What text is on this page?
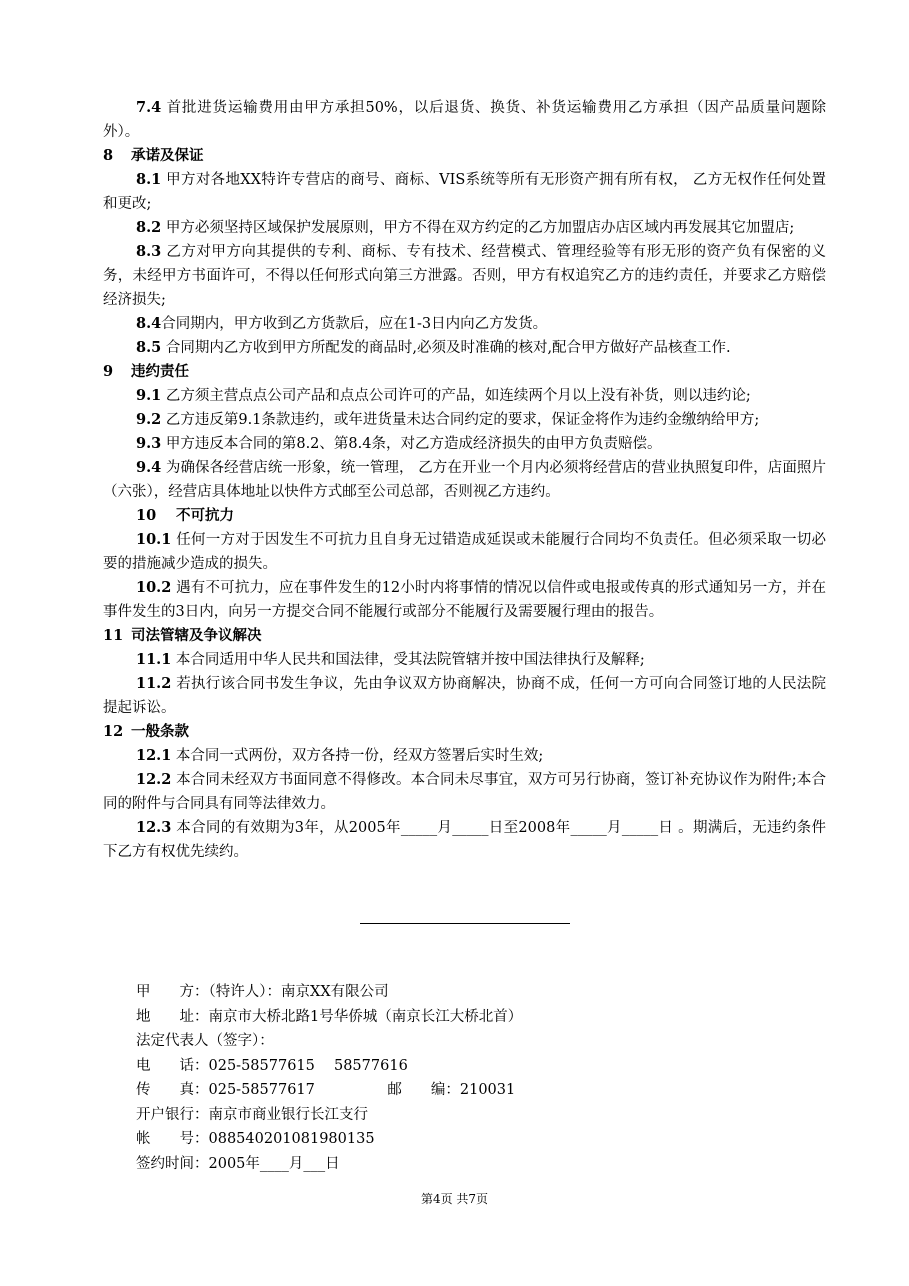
7.4 首批进货运输费用由甲方承担50%，以后退货、换货、补货运输费用乙方承担（因产品质量问题除外）。

8 承诺及保证

8.1 甲方对各地XX特许专营店的商号、商标、VIS系统等所有无形资产拥有所有权， 乙方无权作任何处置和更改;

8.2 甲方必须坚持区域保护发展原则，甲方不得在双方约定的乙方加盟店办店区域内再发展其它加盟店;

8.3 乙方对甲方向其提供的专利、商标、专有技术、经营模式、管理经验等有形无形的资产负有保密的义务，未经甲方书面许可，不得以任何形式向第三方泄露。否则，甲方有权追究乙方的违约责任，并要求乙方赔偿经济损失;

8.4合同期内，甲方收到乙方货款后，应在1-3日内向乙方发货。

8.5 合同期内乙方收到甲方所配发的商品时,必须及时准确的核对,配合甲方做好产品核查工作.

9 违约责任

9.1 乙方须主营点点公司产品和点点公司许可的产品，如连续两个月以上没有补货，则以违约论;

9.2 乙方违反第9.1条款违约，或年进货量未达合同约定的要求，保证金将作为违约金缴纳给甲方;

9.3 甲方违反本合同的第8.2、第8.4条，对乙方造成经济损失的由甲方负责赔偿。

9.4 为确保各经营店统一形象，统一管理， 乙方在开业一个月内必须将经营店的营业执照复印件，店面照片（六张），经营店具体地址以快件方式邮至公司总部，否则视乙方违约。

10 不可抗力

10.1 任何一方对于因发生不可抗力且自身无过错造成延误或未能履行合同均不负责任。但必须采取一切必要的措施减少造成的损失。

10.2 遇有不可抗力，应在事件发生的12小时内将事情的情况以信件或电报或传真的形式通知另一方，并在事件发生的3日内，向另一方提交合同不能履行或部分不能履行及需要履行理由的报告。

11 司法管辖及争议解决

11.1 本合同适用中华人民共和国法律，受其法院管辖并按中国法律执行及解释;

11.2 若执行该合同书发生争议，先由争议双方协商解决，协商不成，任何一方可向合同签订地的人民法院提起诉讼。

12 一般条款

12.1 本合同一式两份，双方各持一份，经双方签署后实时生效;

12.2 本合同未经双方书面同意不得修改。本合同未尽事宜，双方可另行协商，签订补充协议作为附件;本合同的附件与合同具有同等法律效力。

12.3 本合同的有效期为3年，从2005年_____月_____日至2008年_____月_____日 。期满后，无违约条件下乙方有权优先续约。

甲　　方：（特许人）：南京XX有限公司
地　　址：南京市大桥北路1号华侨城（南京长江大桥北首）
法定代表人（签字）：
电　　话：025-58577615　 58577616
传　　真：025-58577617　　　　　邮　　编：210031
开户银行：南京市商业银行长江支行
帐　　号：088540201081980135
签约时间：2005年____月___日
第4页 共7页
